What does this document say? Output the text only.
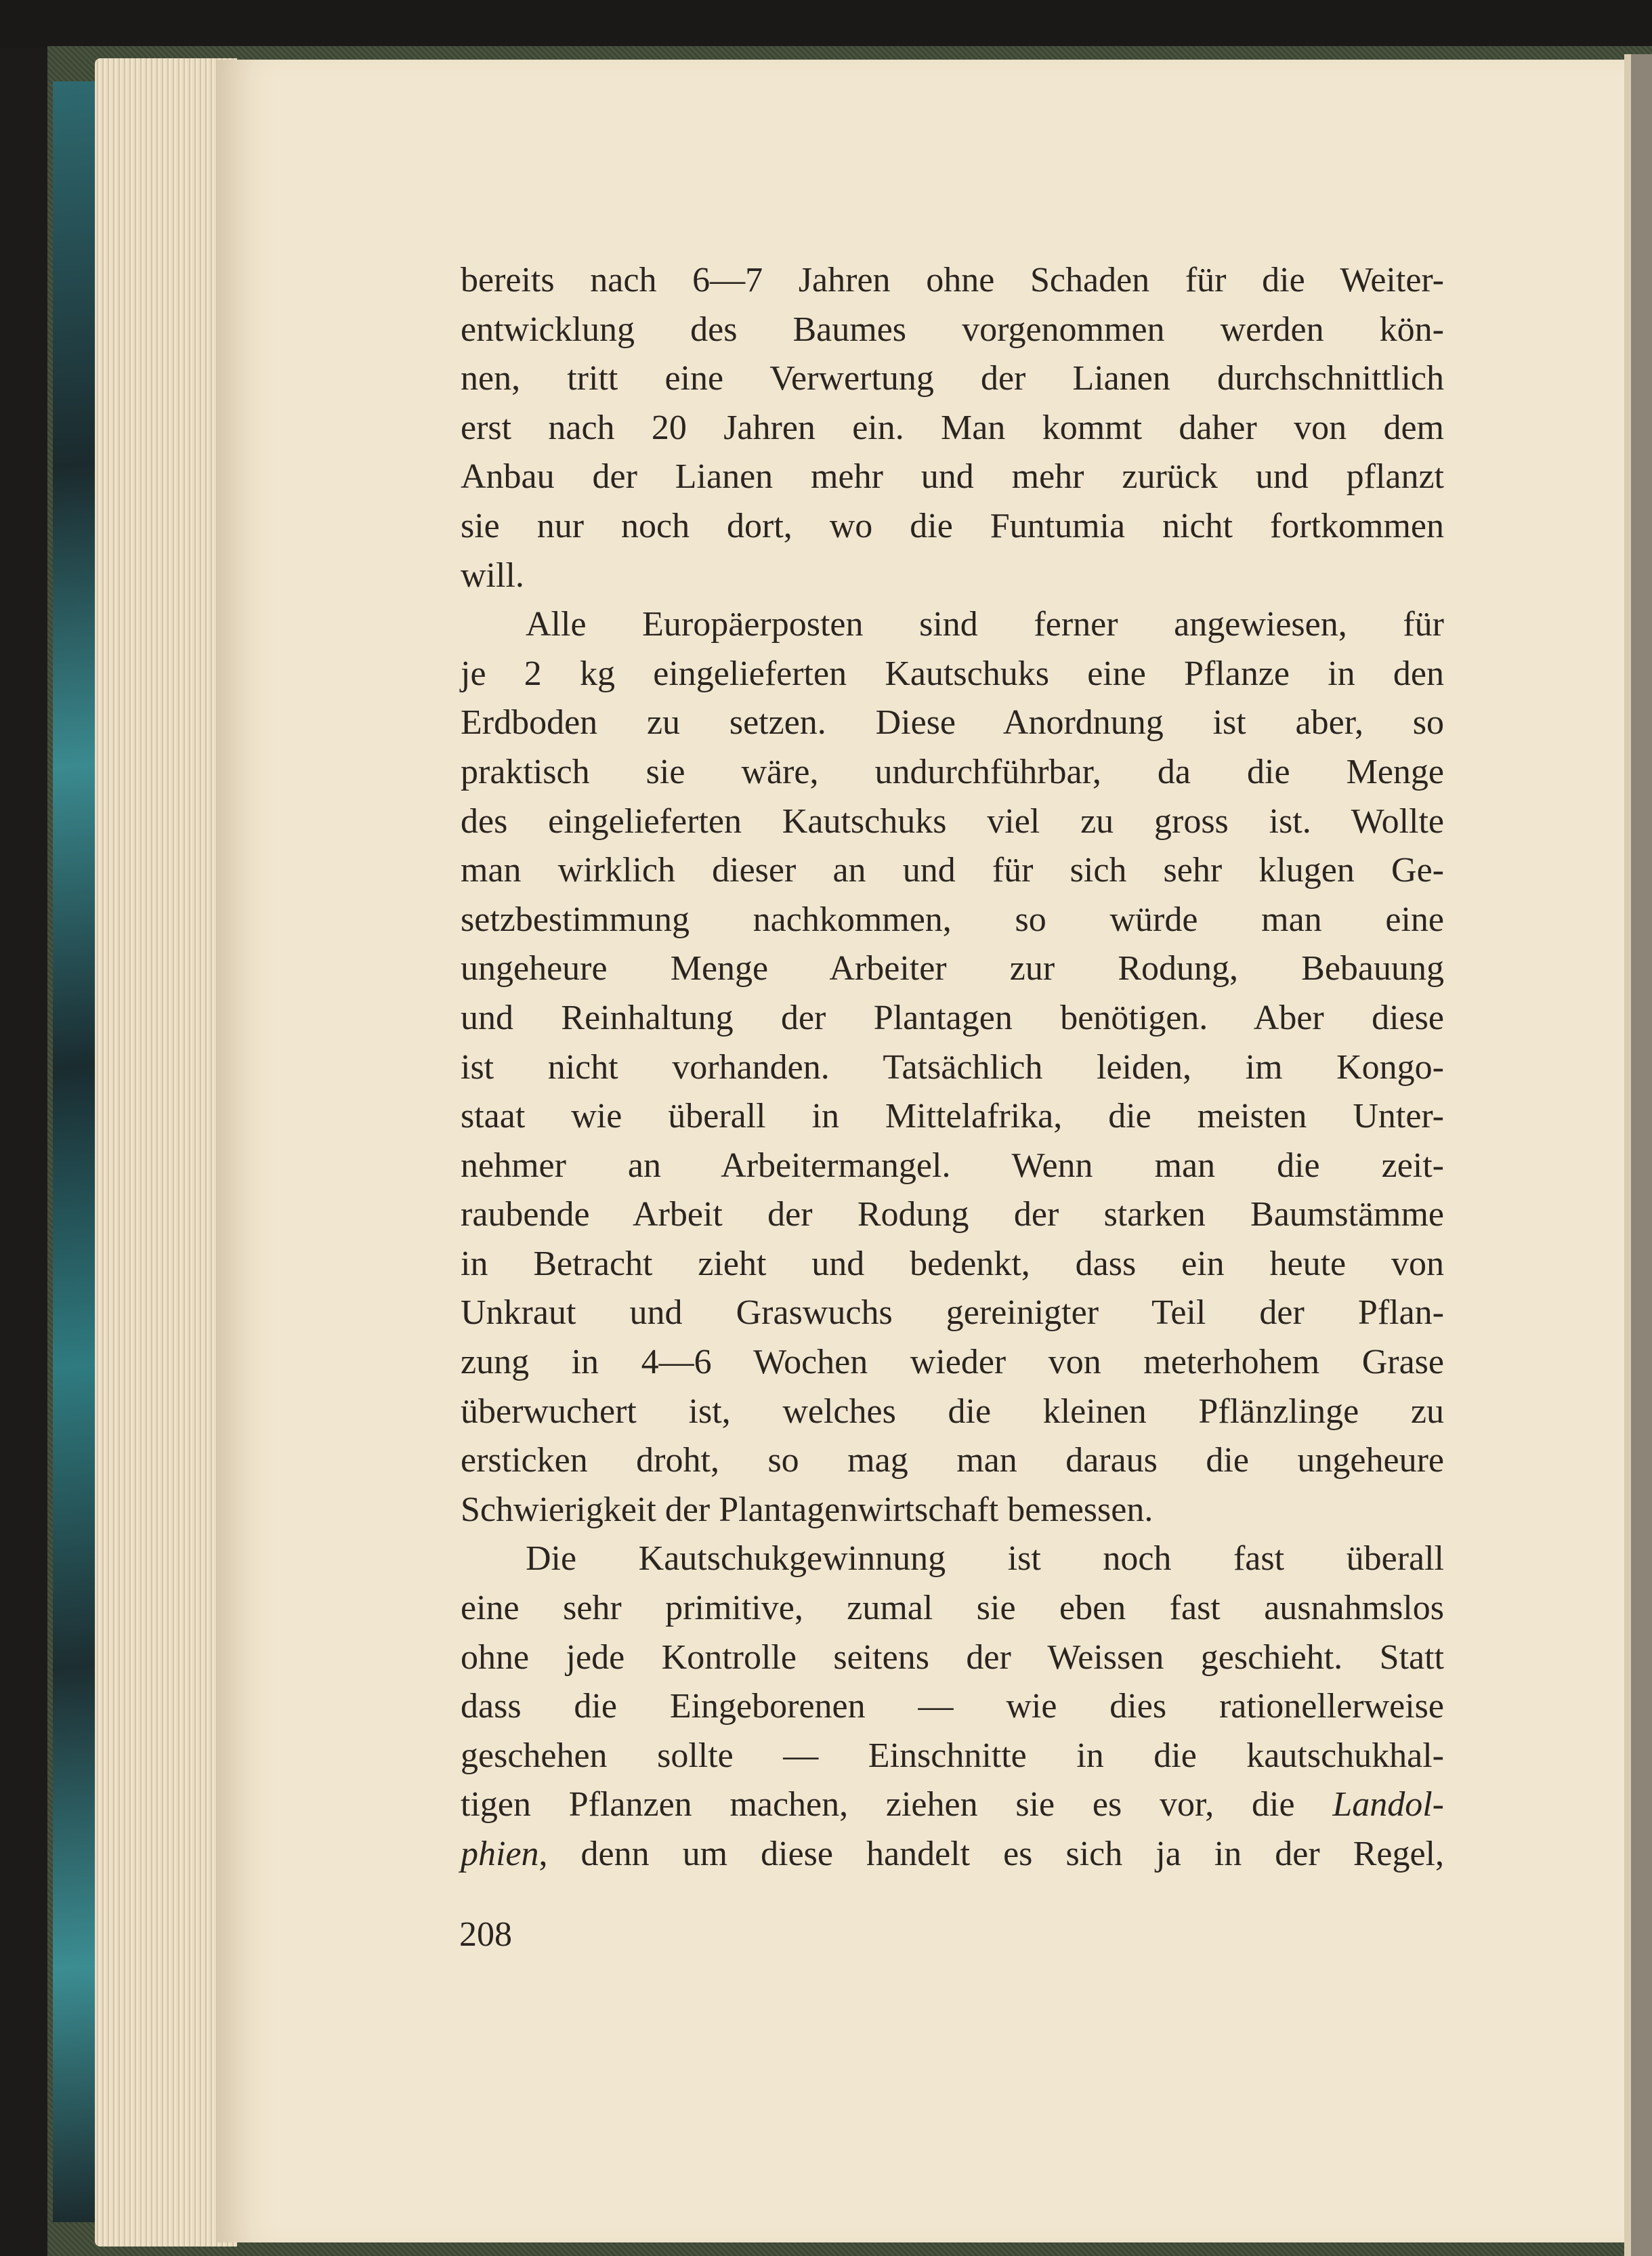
bereits nach 6—7 Jahren ohne Schaden für die Weiter-
entwicklung des Baumes vorgenommen werden kön-
nen, tritt eine Verwertung der Lianen durchschnittlich
erst nach 20 Jahren ein. Man kommt daher von dem
Anbau der Lianen mehr und mehr zurück und pflanzt
sie nur noch dort, wo die Funtumia nicht fortkommen
will.
Alle Europäerposten sind ferner angewiesen, für
je 2 kg eingelieferten Kautschuks eine Pflanze in den
Erdboden zu setzen. Diese Anordnung ist aber, so
praktisch sie wäre, undurchführbar, da die Menge
des eingelieferten Kautschuks viel zu gross ist. Wollte
man wirklich dieser an und für sich sehr klugen Ge-
setzbestimmung nachkommen, so würde man eine
ungeheure Menge Arbeiter zur Rodung, Bebauung
und Reinhaltung der Plantagen benötigen. Aber diese
ist nicht vorhanden. Tatsächlich leiden, im Kongo-
staat wie überall in Mittelafrika, die meisten Unter-
nehmer an Arbeitermangel. Wenn man die zeit-
raubende Arbeit der Rodung der starken Baumstämme
in Betracht zieht und bedenkt, dass ein heute von
Unkraut und Graswuchs gereinigter Teil der Pflan-
zung in 4—6 Wochen wieder von meterhohem Grase
überwuchert ist, welches die kleinen Pflänzlinge zu
ersticken droht, so mag man daraus die ungeheure
Schwierigkeit der Plantagenwirtschaft bemessen.
Die Kautschukgewinnung ist noch fast überall
eine sehr primitive, zumal sie eben fast ausnahmslos
ohne jede Kontrolle seitens der Weissen geschieht. Statt
dass die Eingeborenen — wie dies rationellerweise
geschehen sollte — Einschnitte in die kautschukhal-
tigen Pflanzen machen, ziehen sie es vor, die Landol-
phien, denn um diese handelt es sich ja in der Regel,
208
